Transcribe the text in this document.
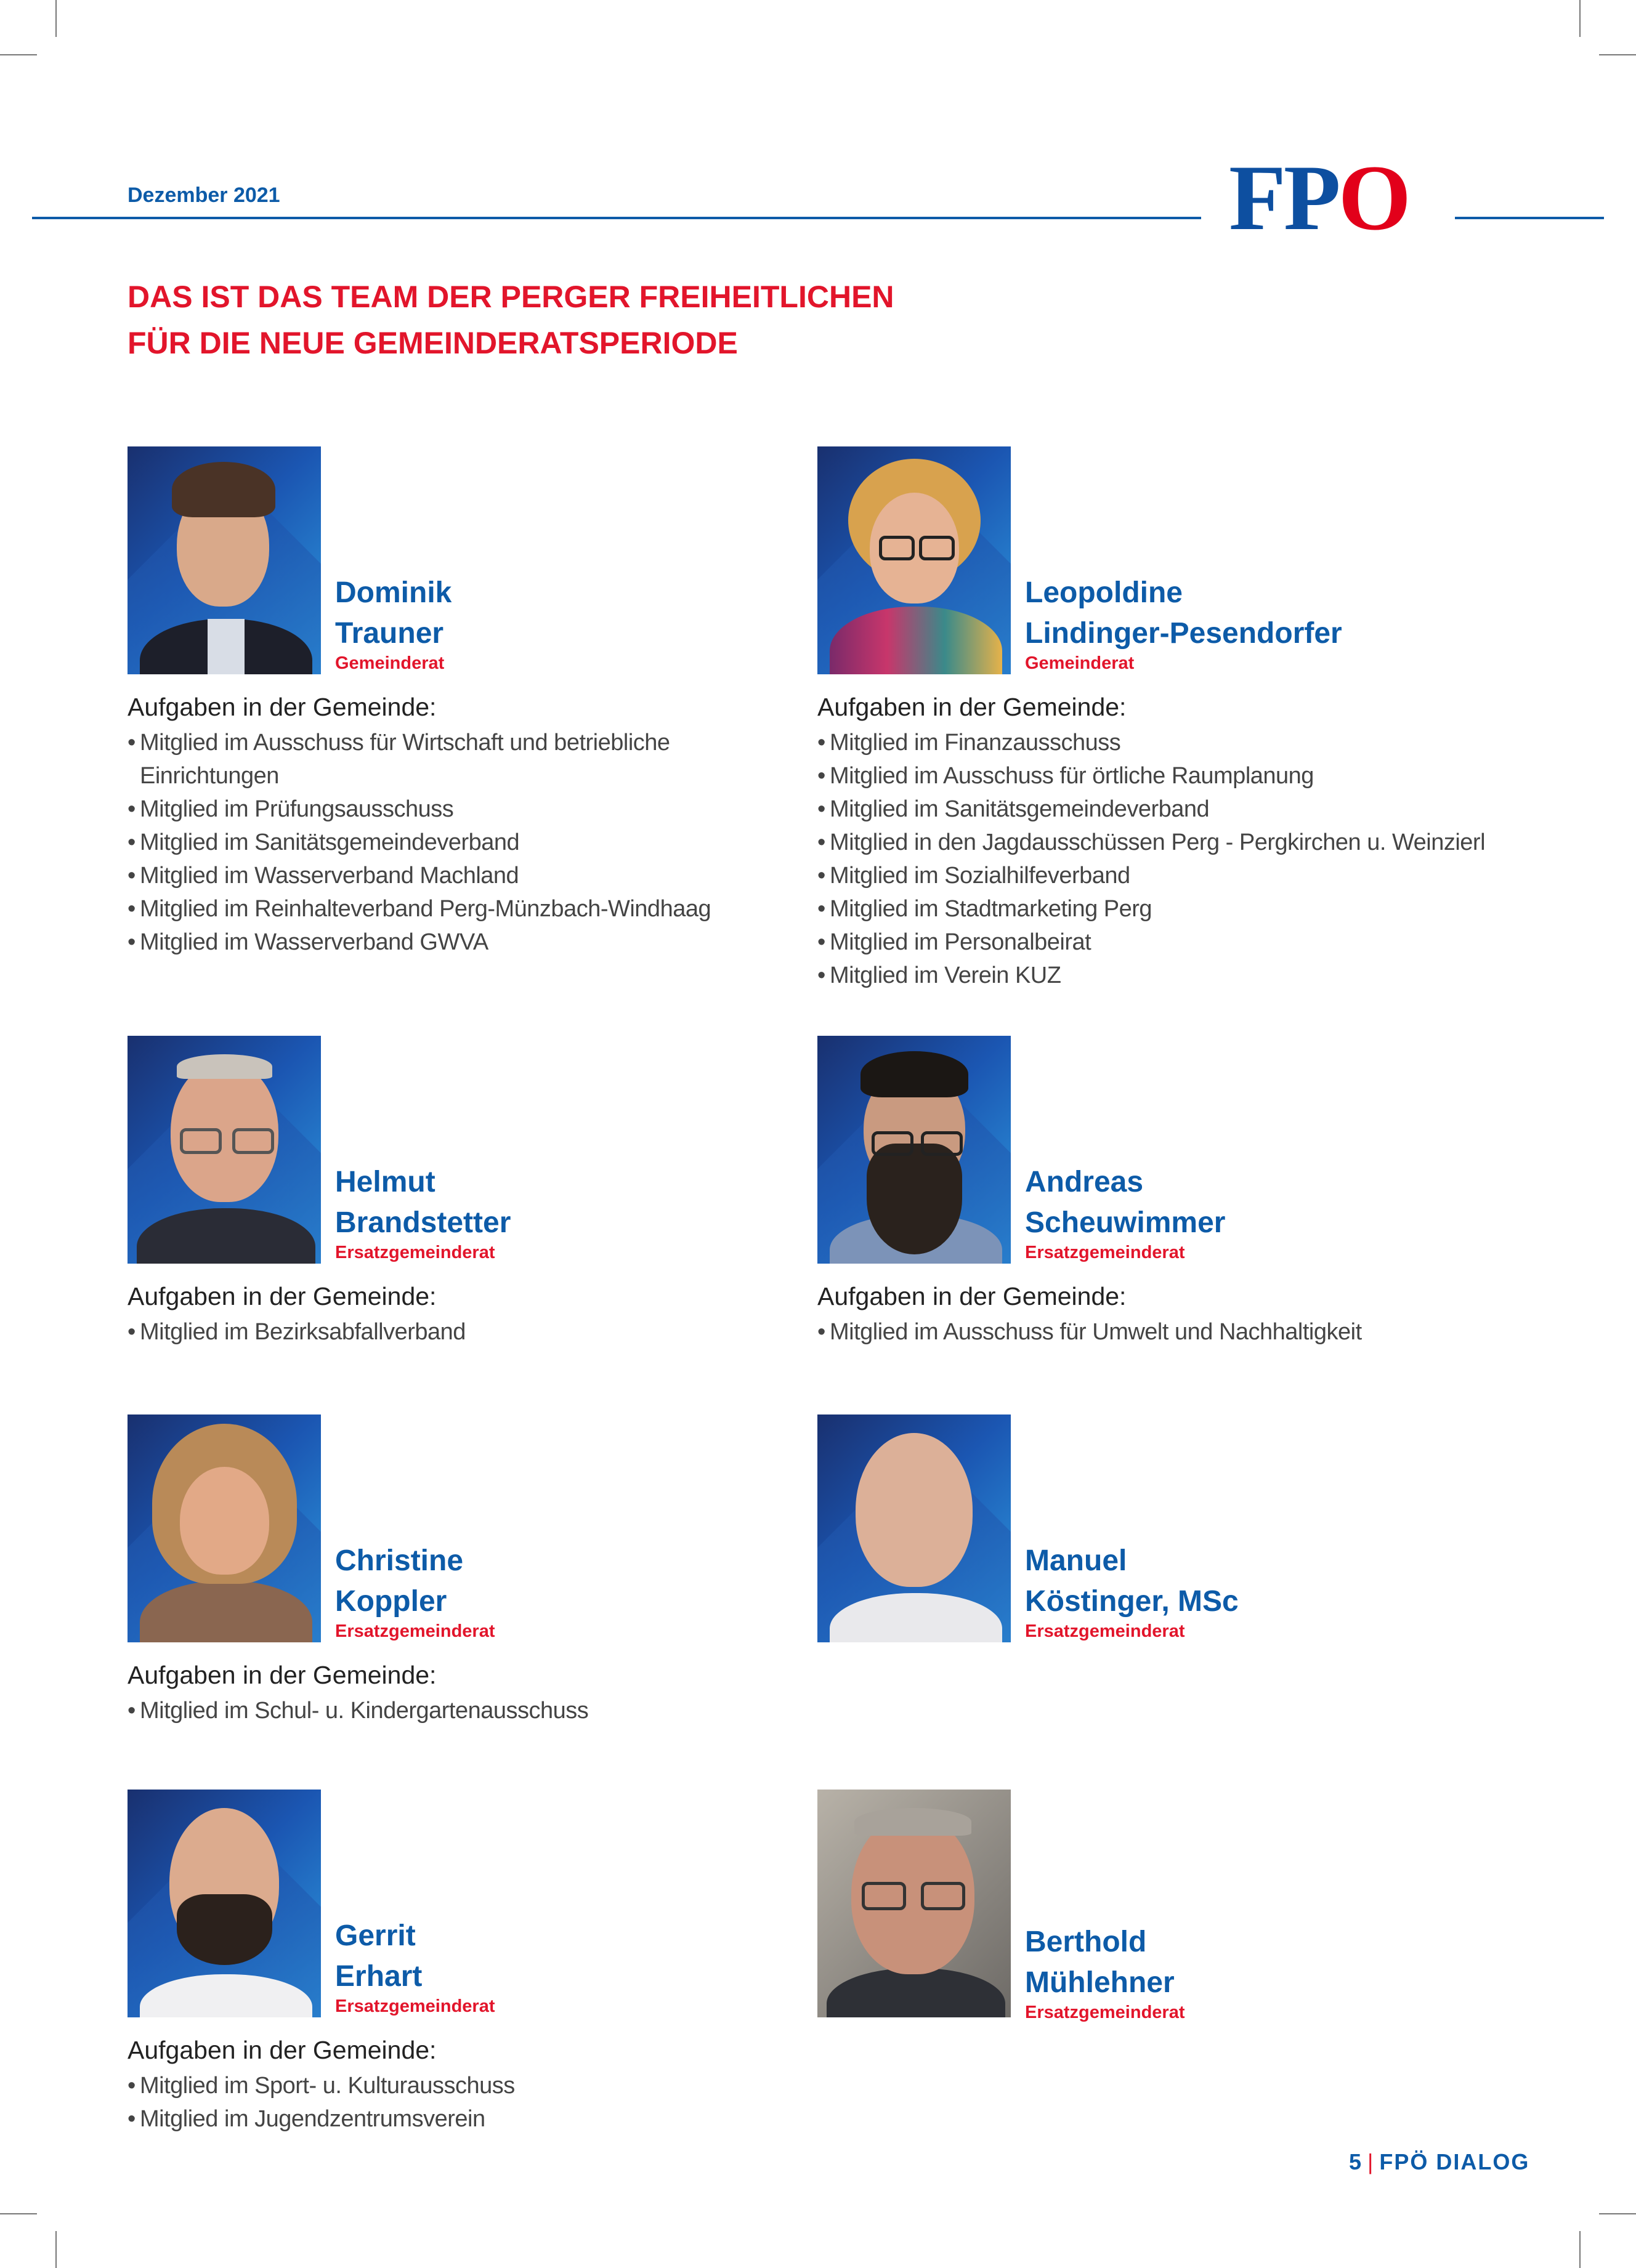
Dezember 2021	FPO
DAS IST DAS TEAM DER PERGER FREIHEITLICHEN
FÜR DIE NEUE GEMEINDERATSPERIODE
Dominik
Trauner
Gemeinderat
Aufgaben in der Gemeinde:
• Mitglied im Ausschuss für Wirtschaft und betriebliche
Einrichtungen
• Mitglied im Prüfungsausschuss
• Mitglied im Sanitätsgemeindeverband
• Mitglied im Wasserverband Machland
• Mitglied im Reinhalteverband Perg-Münzbach-Windhaag
• Mitglied im Wasserverband GWVA
Leopoldine
Lindinger-Pesendorfer
Gemeinderat
Aufgaben in der Gemeinde:
• Mitglied im Finanzausschuss
• Mitglied im Ausschuss für örtliche Raumplanung
• Mitglied im Sanitätsgemeindeverband
• Mitglied in den Jagdausschüssen Perg - Pergkirchen u. Weinzierl
• Mitglied im Sozialhilfeverband
• Mitglied im Stadtmarketing Perg
• Mitglied im Personalbeirat
• Mitglied im Verein KUZ
Helmut
Brandstetter
Ersatzgemeinderat
Aufgaben in der Gemeinde:
• Mitglied im Bezirksabfallverband
Andreas
Scheuwimmer
Ersatzgemeinderat
Aufgaben in der Gemeinde:
• Mitglied im Ausschuss für Umwelt und Nachhaltigkeit
Christine
Koppler
Ersatzgemeinderat
Aufgaben in der Gemeinde:
• Mitglied im Schul- u. Kindergartenausschuss
Manuel
Köstinger, MSc
Ersatzgemeinderat
Gerrit
Erhart
Ersatzgemeinderat
Aufgaben in der Gemeinde:
• Mitglied im Sport- u. Kulturausschuss
• Mitglied im Jugendzentrumsverein
Berthold
Mühlehner
Ersatzgemeinderat
5 | FPÖ DIALOG
